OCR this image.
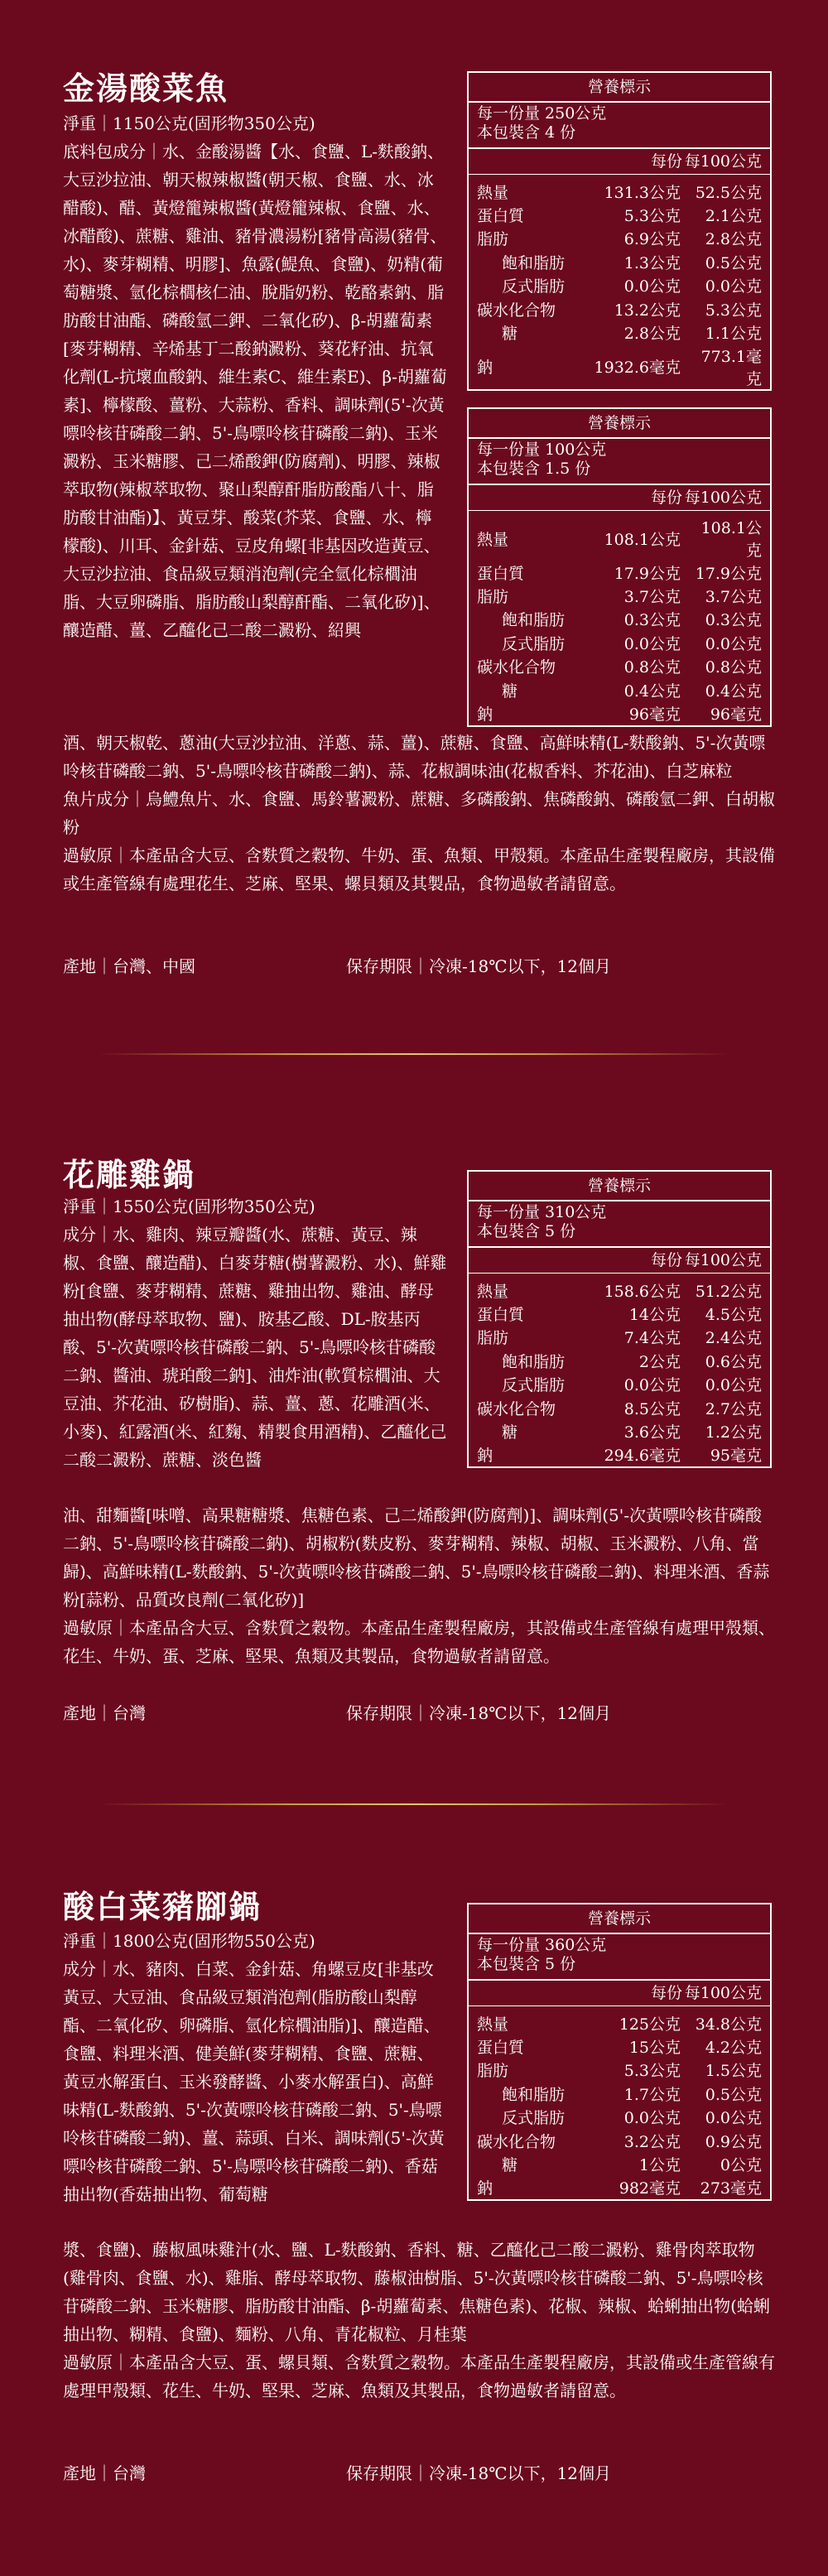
金湯酸菜魚

淨重｜1150公克(固形物350公克)

底料包成分｜水、金酸湯醬【水、食鹽、L-麩酸鈉、大豆沙拉油、朝天椒辣椒醬(朝天椒、食鹽、水、冰醋酸)、醋、黃燈籠辣椒醬(黃燈籠辣椒、食鹽、水、冰醋酸)、蔗糖、雞油、豬骨濃湯粉[豬骨高湯(豬骨、水)、麥芽糊精、明膠]、魚露(鯷魚、食鹽)、奶精(葡萄糖漿、氫化棕櫚核仁油、脫脂奶粉、乾酪素鈉、脂肪酸甘油酯、磷酸氫二鉀、二氧化矽)、β-胡蘿蔔素[麥芽糊精、辛烯基丁二酸鈉澱粉、葵花籽油、抗氧化劑(L-抗壞血酸鈉、維生素C、維生素E)、β-胡蘿蔔素]、檸檬酸、薑粉、大蒜粉、香料、調味劑(5'-次黃嘌呤核苷磷酸二鈉、5'-鳥嘌呤核苷磷酸二鈉)、玉米澱粉、玉米糖膠、己二烯酸鉀(防腐劑)、明膠、辣椒萃取物(辣椒萃取物、聚山梨醇酐脂肪酸酯八十、脂肪酸甘油酯)】、黃豆芽、酸菜(芥菜、食鹽、水、檸檬酸)、川耳、金針菇、豆皮角螺[非基因改造黃豆、大豆沙拉油、食品級豆類消泡劑(完全氫化棕櫚油脂、大豆卵磷脂、脂肪酸山梨醇酐酯、二氧化矽)]、釀造醋、薑、乙醯化己二酸二澱粉、紹興

酒、朝天椒乾、蔥油(大豆沙拉油、洋蔥、蒜、薑)、蔗糖、食鹽、高鮮味精(L-麩酸鈉、5'-次黃嘌呤核苷磷酸二鈉、5'-鳥嘌呤核苷磷酸二鈉)、蒜、花椒調味油(花椒香料、芥花油)、白芝麻粒

魚片成分｜烏鱧魚片、水、食鹽、馬鈴薯澱粉、蔗糖、多磷酸鈉、焦磷酸鈉、磷酸氫二鉀、白胡椒粉

過敏原｜本產品含大豆、含麩質之穀物、牛奶、蛋、魚類、甲殼類。本產品生產製程廠房，其設備或生產管線有處理花生、芝麻、堅果、螺貝類及其製品，食物過敏者請留意。

產地｜台灣、中國	保存期限｜冷凍-18℃以下，12個月
營養標示
每一份量 250公克
本包裝含 4 份
每份 每100公克
熱量	131.3公克	52.5公克
蛋白質	5.3公克	2.1公克
脂肪	6.9公克	2.8公克
飽和脂肪	1.3公克	0.5公克
反式脂肪	0.0公克	0.0公克
碳水化合物	13.2公克	5.3公克
糖	2.8公克	1.1公克
鈉	1932.6毫克	773.1毫克
營養標示
每一份量 100公克
本包裝含 1.5 份
每份 每100公克
熱量	108.1公克	108.1公克
蛋白質	17.9公克	17.9公克
脂肪	3.7公克	3.7公克
飽和脂肪	0.3公克	0.3公克
反式脂肪	0.0公克	0.0公克
碳水化合物	0.8公克	0.8公克
糖	0.4公克	0.4公克
鈉	96毫克	96毫克
花雕雞鍋

淨重｜1550公克(固形物350公克)

成分｜水、雞肉、辣豆瓣醬(水、蔗糖、黃豆、辣椒、食鹽、釀造醋)、白麥芽糖(樹薯澱粉、水)、鮮雞粉[食鹽、麥芽糊精、蔗糖、雞抽出物、雞油、酵母抽出物(酵母萃取物、鹽)、胺基乙酸、DL-胺基丙酸、5'-次黃嘌呤核苷磷酸二鈉、5'-鳥嘌呤核苷磷酸二鈉、醬油、琥珀酸二鈉]、油炸油(軟質棕櫚油、大豆油、芥花油、矽樹脂)、蒜、薑、蔥、花雕酒(米、小麥)、紅露酒(米、紅麴、精製食用酒精)、乙醯化己二酸二澱粉、蔗糖、淡色醬

油、甜麵醬[味噌、高果糖糖漿、焦糖色素、己二烯酸鉀(防腐劑)]、調味劑(5'-次黃嘌呤核苷磷酸二鈉、5'-鳥嘌呤核苷磷酸二鈉)、胡椒粉(麩皮粉、麥芽糊精、辣椒、胡椒、玉米澱粉、八角、當歸)、高鮮味精(L-麩酸鈉、5'-次黃嘌呤核苷磷酸二鈉、5'-鳥嘌呤核苷磷酸二鈉)、料理米酒、香蒜粉[蒜粉、品質改良劑(二氧化矽)]

過敏原｜本產品含大豆、含麩質之穀物。本產品生產製程廠房，其設備或生產管線有處理甲殼類、花生、牛奶、蛋、芝麻、堅果、魚類及其製品，食物過敏者請留意。

產地｜台灣	保存期限｜冷凍-18℃以下，12個月
營養標示
每一份量 310公克
本包裝含 5 份
每份 每100公克
熱量	158.6公克	51.2公克
蛋白質	14公克	4.5公克
脂肪	7.4公克	2.4公克
飽和脂肪	2公克	0.6公克
反式脂肪	0.0公克	0.0公克
碳水化合物	8.5公克	2.7公克
糖	3.6公克	1.2公克
鈉	294.6毫克	95毫克
酸白菜豬腳鍋

淨重｜1800公克(固形物550公克)

成分｜水、豬肉、白菜、金針菇、角螺豆皮[非基改黃豆、大豆油、食品級豆類消泡劑(脂肪酸山梨醇酯、二氧化矽、卵磷脂、氫化棕櫚油脂)]、釀造醋、食鹽、料理米酒、健美鮮(麥芽糊精、食鹽、蔗糖、黃豆水解蛋白、玉米發酵醬、小麥水解蛋白)、高鮮味精(L-麩酸鈉、5'-次黃嘌呤核苷磷酸二鈉、5'-鳥嘌呤核苷磷酸二鈉)、薑、蒜頭、白米、調味劑(5'-次黃嘌呤核苷磷酸二鈉、5'-鳥嘌呤核苷磷酸二鈉)、香菇抽出物(香菇抽出物、葡萄糖

漿、食鹽)、藤椒風味雞汁(水、鹽、L-麩酸鈉、香料、糖、乙醯化己二酸二澱粉、雞骨肉萃取物(雞骨肉、食鹽、水)、雞脂、酵母萃取物、藤椒油樹脂、5'-次黃嘌呤核苷磷酸二鈉、5'-鳥嘌呤核苷磷酸二鈉、玉米糖膠、脂肪酸甘油酯、β-胡蘿蔔素、焦糖色素)、花椒、辣椒、蛤蜊抽出物(蛤蜊抽出物、糊精、食鹽)、麵粉、八角、青花椒粒、月桂葉

過敏原｜本產品含大豆、蛋、螺貝類、含麩質之穀物。本產品生產製程廠房，其設備或生產管線有處理甲殼類、花生、牛奶、堅果、芝麻、魚類及其製品，食物過敏者請留意。

產地｜台灣	保存期限｜冷凍-18℃以下，12個月
營養標示
每一份量 360公克
本包裝含 5 份
每份 每100公克
熱量	125公克	34.8公克
蛋白質	15公克	4.2公克
脂肪	5.3公克	1.5公克
飽和脂肪	1.7公克	0.5公克
反式脂肪	0.0公克	0.0公克
碳水化合物	3.2公克	0.9公克
糖	1公克	0公克
鈉	982毫克	273毫克
